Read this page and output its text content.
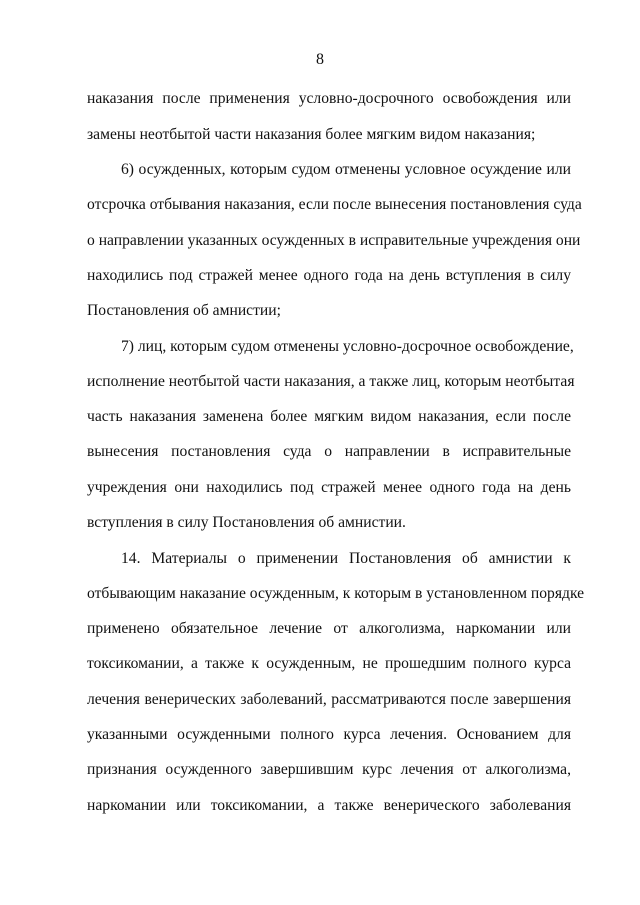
8
наказания после применения условно-досрочного освобождения или
замены неотбытой части наказания более мягким видом наказания;
6) осужденных, которым судом отменены условное осуждение или
отсрочка отбывания наказания, если после вынесения постановления суда
о направлении указанных осужденных в исправительные учреждения они
находились под стражей менее одного года на день вступления в силу
Постановления об амнистии;
7) лиц, которым судом отменены условно-досрочное освобождение,
исполнение неотбытой части наказания, а также лиц, которым неотбытая
часть наказания заменена более мягким видом наказания, если после
вынесения постановления суда о направлении в исправительные
учреждения они находились под стражей менее одного года на день
вступления в силу Постановления об амнистии.
14. Материалы о применении Постановления об амнистии к
отбывающим наказание осужденным, к которым в установленном порядке
применено обязательное лечение от алкоголизма, наркомании или
токсикомании, а также к осужденным, не прошедшим полного курса
лечения венерических заболеваний, рассматриваются после завершения
указанными осужденными полного курса лечения. Основанием для
признания осужденного завершившим курс лечения от алкоголизма,
наркомании или токсикомании, а также венерического заболевания
